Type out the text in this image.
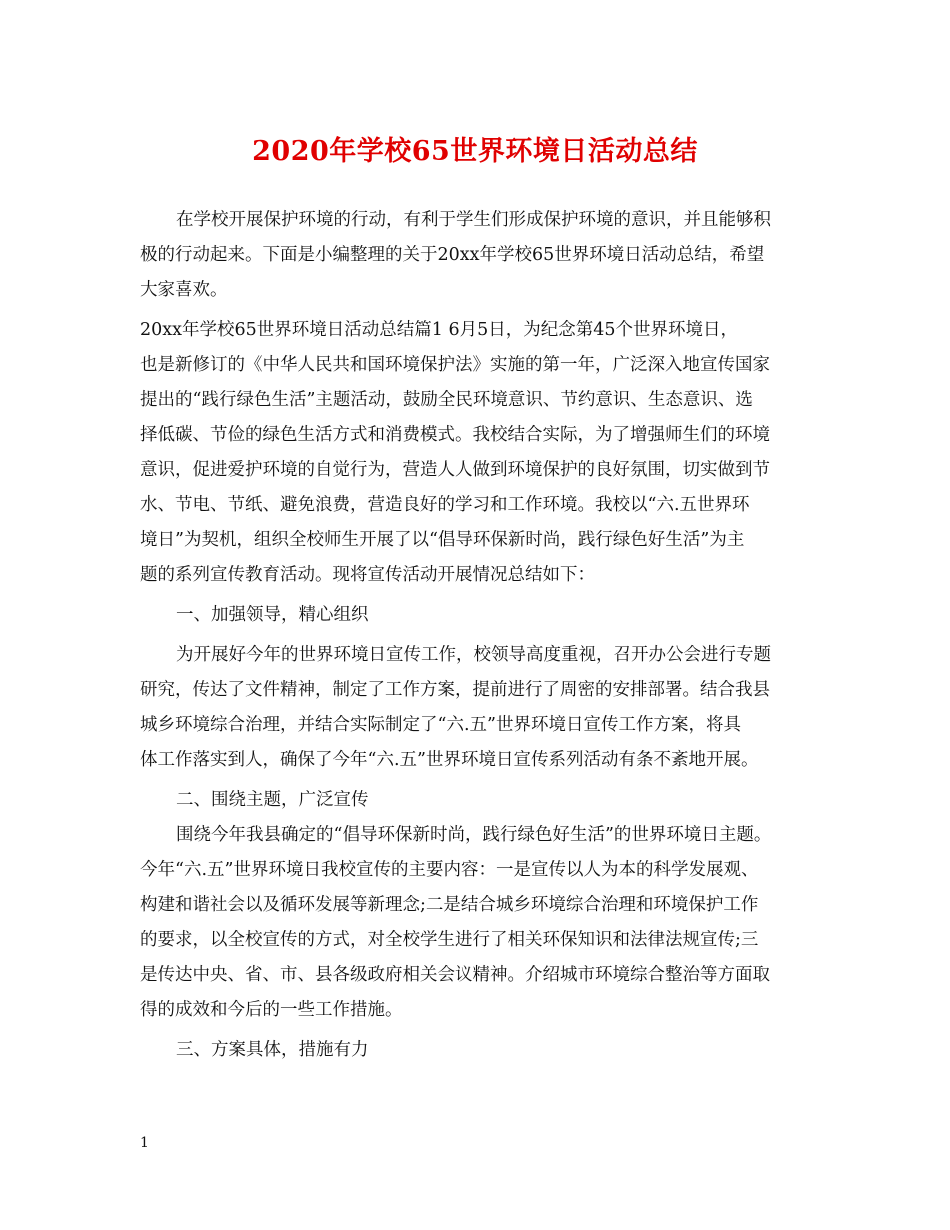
2020年学校65世界环境日活动总结
在学校开展保护环境的行动，有利于学生们形成保护环境的意识，并且能够积
极的行动起来。下面是小编整理的关于20xx年学校65世界环境日活动总结，希望
大家喜欢。
20xx年学校65世界环境日活动总结篇1 6月5日，为纪念第45个世界环境日，
也是新修订的《中华人民共和国环境保护法》实施的第一年，广泛深入地宣传国家
提出的“践行绿色生活”主题活动，鼓励全民环境意识、节约意识、生态意识、选
择低碳、节俭的绿色生活方式和消费模式。我校结合实际，为了增强师生们的环境
意识，促进爱护环境的自觉行为，营造人人做到环境保护的良好氛围，切实做到节
水、节电、节纸、避免浪费，营造良好的学习和工作环境。我校以“六.五世界环
境日”为契机，组织全校师生开展了以“倡导环保新时尚，践行绿色好生活”为主
题的系列宣传教育活动。现将宣传活动开展情况总结如下：
一、加强领导，精心组织
为开展好今年的世界环境日宣传工作，校领导高度重视，召开办公会进行专题
研究，传达了文件精神，制定了工作方案，提前进行了周密的安排部署。结合我县
城乡环境综合治理，并结合实际制定了“六.五”世界环境日宣传工作方案，将具
体工作落实到人，确保了今年“六.五”世界环境日宣传系列活动有条不紊地开展。
二、围绕主题，广泛宣传
围绕今年我县确定的“倡导环保新时尚，践行绿色好生活”的世界环境日主题。
今年“六.五”世界环境日我校宣传的主要内容：一是宣传以人为本的科学发展观、
构建和谐社会以及循环发展等新理念;二是结合城乡环境综合治理和环境保护工作
的要求，以全校宣传的方式，对全校学生进行了相关环保知识和法律法规宣传;三
是传达中央、省、市、县各级政府相关会议精神。介绍城市环境综合整治等方面取
得的成效和今后的一些工作措施。
三、方案具体，措施有力
1
